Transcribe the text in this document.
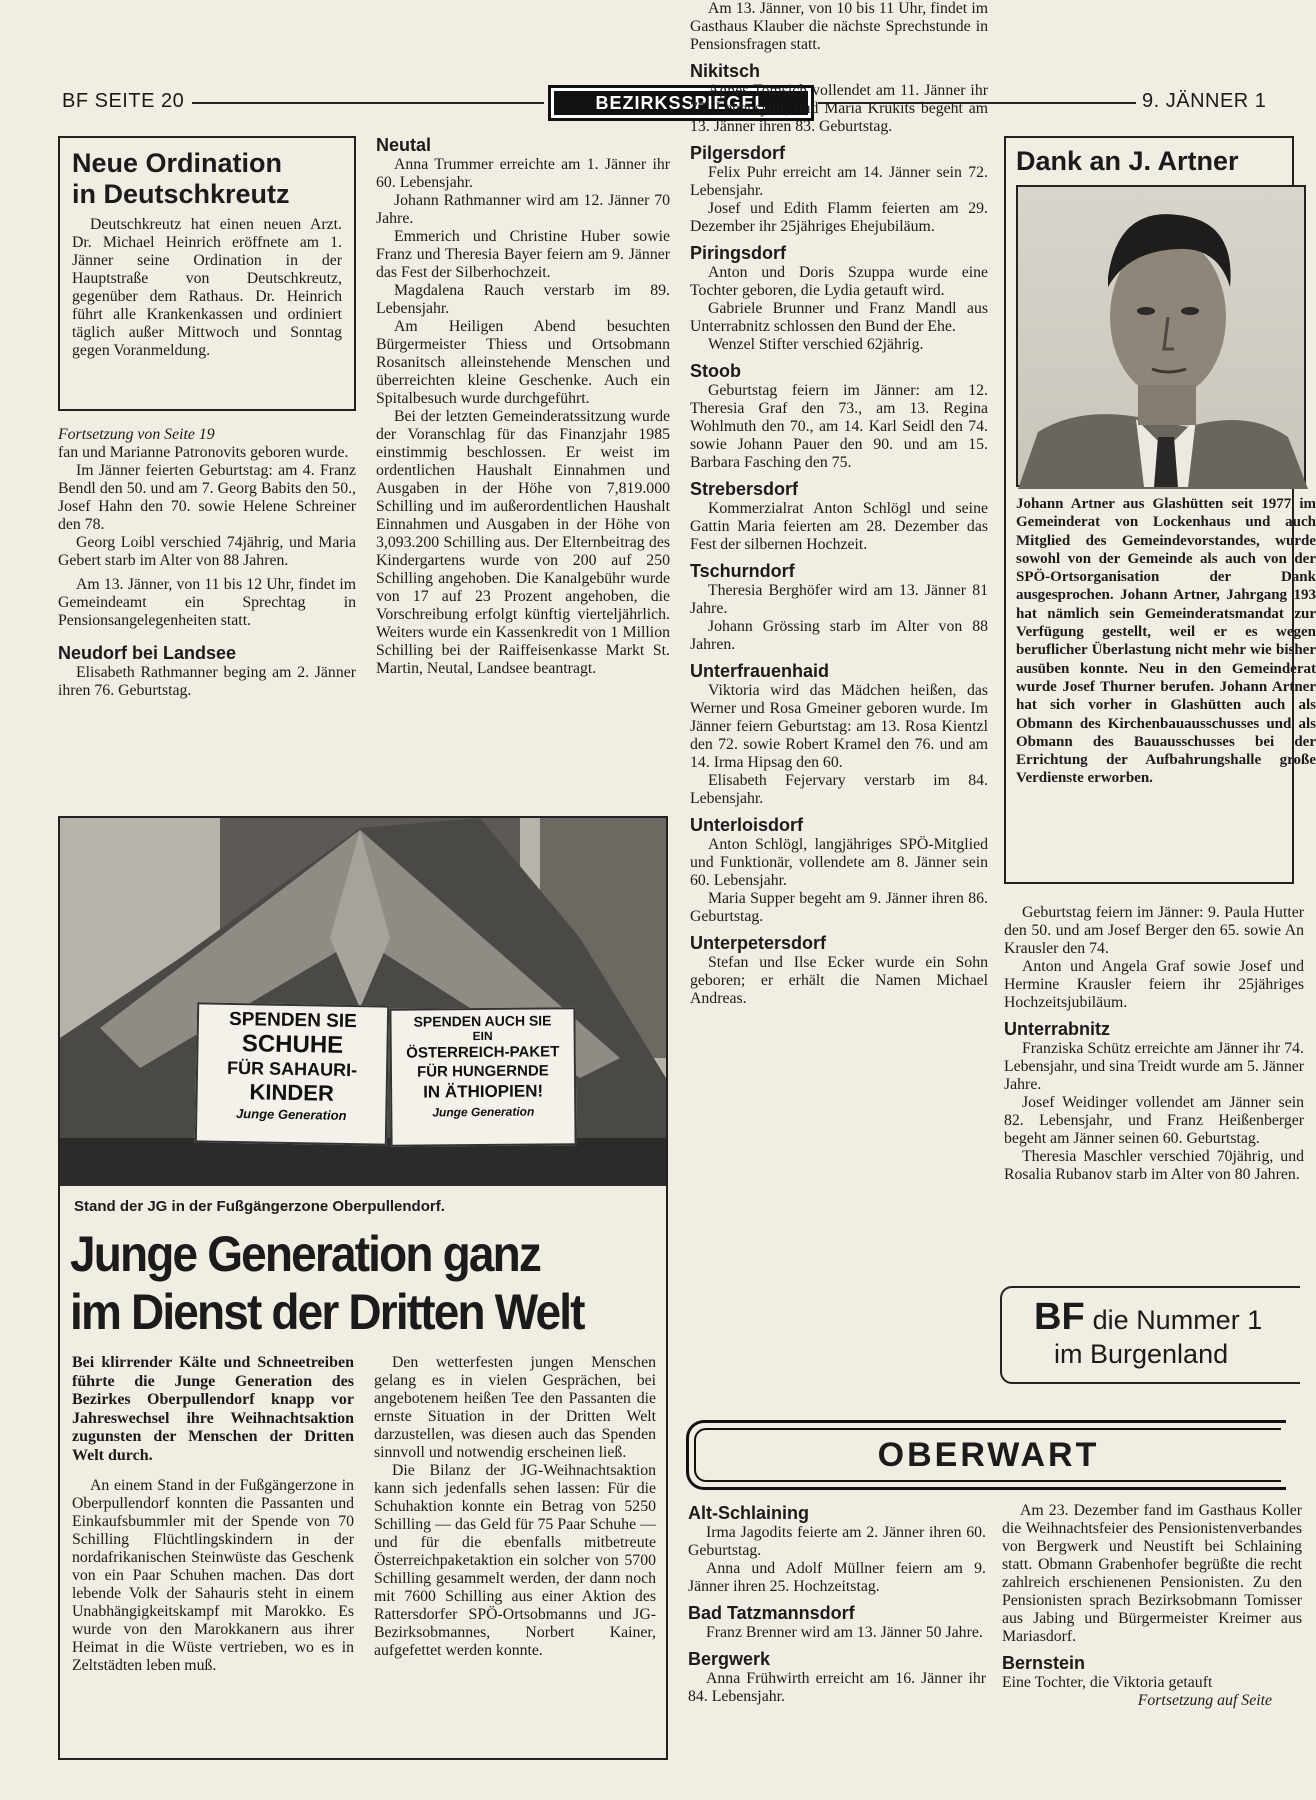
BF SEITE 20	BEZIRKSSPIEGEL	9. JÄNNER 1
Neue Ordination
in Deutschkreutz

Deutschkreutz hat einen neuen Arzt. Dr. Michael Heinrich eröffnete am 1. Jänner seine Ordination in der Hauptstraße von Deutschkreutz, gegenüber dem Rathaus. Dr. Heinrich führt alle Krankenkassen und ordiniert täglich außer Mittwoch und Sonntag gegen Voranmeldung.

Fortsetzung von Seite 19

fan und Marianne Patronovits geboren wurde.

Im Jänner feierten Geburtstag: am 4. Franz Bendl den 50. und am 7. Georg Babits den 50., Josef Hahn den 70. sowie Helene Schreiner den 78.

Georg Loibl verschied 74jährig, und Maria Gebert starb im Alter von 88 Jahren.

Am 13. Jänner, von 11 bis 12 Uhr, findet im Gemeindeamt ein Sprechtag in Pensionsangelegenheiten statt.

Neudorf bei Landsee

Elisabeth Rathmanner beging am 2. Jänner ihren 76. Geburtstag.

Neutal

Anna Trummer erreichte am 1. Jänner ihr 60. Lebensjahr.

Johann Rathmanner wird am 12. Jänner 70 Jahre.

Emmerich und Christine Huber sowie Franz und Theresia Bayer feiern am 9. Jänner das Fest der Silberhochzeit.

Magdalena Rauch verstarb im 89. Lebensjahr.

Am Heiligen Abend besuchten Bürgermeister Thiess und Ortsobmann Rosanitsch alleinstehende Menschen und überreichten kleine Geschenke. Auch ein Spitalbesuch wurde durchgeführt.

Bei der letzten Gemeinderatssitzung wurde der Voranschlag für das Finanzjahr 1985 einstimmig beschlossen. Er weist im ordentlichen Haushalt Einnahmen und Ausgaben in der Höhe von 7,819.000 Schilling und im außerordentlichen Haushalt Einnahmen und Ausgaben in der Höhe von 3,093.200 Schilling aus. Der Elternbeitrag des Kindergartens wurde von 200 auf 250 Schilling angehoben. Die Kanalgebühr wurde von 17 auf 23 Prozent angehoben, die Vorschreibung erfolgt künftig vierteljährlich. Weiters wurde ein Kassenkredit von 1 Million Schilling bei der Raiffeisenkasse Markt St. Martin, Neutal, Landsee beantragt.

Am 13. Jänner, von 10 bis 11 Uhr, findet im Gasthaus Klauber die nächste Sprechstunde in Pensionsfragen statt.

Nikitsch

Agnes Tomsich vollendet am 11. Jänner ihr 75. Lebensjahr, und Maria Krukits begeht am 13. Jänner ihren 83. Geburtstag.

Pilgersdorf

Felix Puhr erreicht am 14. Jänner sein 72. Lebensjahr.

Josef und Edith Flamm feierten am 29. Dezember ihr 25jähriges Ehejubiläum.

Piringsdorf

Anton und Doris Szuppa wurde eine Tochter geboren, die Lydia getauft wird.

Gabriele Brunner und Franz Mandl aus Unterrabnitz schlossen den Bund der Ehe.

Wenzel Stifter verschied 62jährig.

Stoob

Geburtstag feiern im Jänner: am 12. Theresia Graf den 73., am 13. Regina Wohlmuth den 70., am 14. Karl Seidl den 74. sowie Johann Pauer den 90. und am 15. Barbara Fasching den 75.

Strebersdorf

Kommerzialrat Anton Schlögl und seine Gattin Maria feierten am 28. Dezember das Fest der silbernen Hochzeit.

Tschurndorf

Theresia Berghöfer wird am 13. Jänner 81 Jahre.

Johann Grössing starb im Alter von 88 Jahren.

Unterfrauenhaid

Viktoria wird das Mädchen heißen, das Werner und Rosa Gmeiner geboren wurde. Im Jänner feiern Geburtstag: am 13. Rosa Kientzl den 72. sowie Robert Kramel den 76. und am 14. Irma Hipsag den 60.

Elisabeth Fejervary verstarb im 84. Lebensjahr.

Unterloisdorf

Anton Schlögl, langjähriges SPÖ-Mitglied und Funktionär, vollendete am 8. Jänner sein 60. Lebensjahr.

Maria Supper begeht am 9. Jänner ihren 86. Geburtstag.

Unterpetersdorf

Stefan und Ilse Ecker wurde ein Sohn geboren; er erhält die Namen Michael Andreas.

Dank an J. Artner
Johann Artner aus Glashütten seit 1977 im Gemeinderat von Lockenhaus und auch Mitglied des Gemeindevorstandes, wurde sowohl von der Gemeinde als auch von der SPÖ-Ortsorganisation der Dank ausgesprochen. Johann Artner, Jahrgang 193 hat nämlich sein Gemeinderatsmandat zur Verfügung gestellt, weil er es wegen beruflicher Überlastung nicht mehr wie bisher ausüben konnte. Neu in den Gemeinderat wurde Josef Thurner berufen. Johann Artner hat sich vorher in Glashütten auch als Obmann des Kirchenbauausschusses und als Obmann des Bauausschusses bei der Errichtung der Aufbahrungshalle große Verdienste erworben.

Geburtstag feiern im Jänner: 9. Paula Hutter den 50. und am Josef Berger den 65. sowie An Krausler den 74.

Anton und Angela Graf sowie Josef und Hermine Krausler feiern ihr 25jähriges Hochzeitsjubiläum.

Unterrabnitz

Franziska Schütz erreichte am Jänner ihr 74. Lebensjahr, und sina Treidt wurde am 5. Jänner Jahre.

Josef Weidinger vollendet am Jänner sein 82. Lebensjahr, und Franz Heißenberger begeht am Jänner seinen 60. Geburtstag.

Theresia Maschler verschied 70jährig, und Rosalia Rubanov starb im Alter von 80 Jahren.

BF die Nummer 1
im Burgenland
SPENDEN SIE
SCHUHE
FÜR SAHAURI-
KINDER
Junge Generation
SPENDEN AUCH SIE
EIN
ÖSTERREICH-PAKET
FÜR HUNGERNDE
IN ÄTHIOPIEN!
Junge Generation
Stand der JG in der Fußgängerzone Oberpullendorf.
Junge Generation ganz
im Dienst der Dritten Welt
Bei klirrender Kälte und Schneetreiben führte die Junge Generation des Bezirkes Oberpullendorf knapp vor Jahreswechsel ihre Weihnachtsaktion zugunsten der Menschen der Dritten Welt durch.

An einem Stand in der Fußgängerzone in Oberpullendorf konnten die Passanten und Einkaufsbummler mit der Spende von 70 Schilling Flüchtlingskindern in der nordafrikanischen Steinwüste das Geschenk von ein Paar Schuhen machen. Das dort lebende Volk der Sahauris steht in einem Unabhängigkeitskampf mit Marokko. Es wurde von den Marokkanern aus ihrer Heimat in die Wüste vertrieben, wo es in Zeltstädten leben muß.

Den wetterfesten jungen Menschen gelang es in vielen Gesprächen, bei angebotenem heißen Tee den Passanten die ernste Situation in der Dritten Welt darzustellen, was diesen auch das Spenden sinnvoll und notwendig erscheinen ließ.

Die Bilanz der JG-Weihnachtsaktion kann sich jedenfalls sehen lassen: Für die Schuhaktion konnte ein Betrag von 5250 Schilling — das Geld für 75 Paar Schuhe — und für die ebenfalls mitbetreute Österreichpaketaktion ein solcher von 5700 Schilling gesammelt werden, der dann noch mit 7600 Schilling aus einer Aktion des Rattersdorfer SPÖ-Ortsobmanns und JG-Bezirksobmannes, Norbert Kainer, aufgefettet werden konnte.

OBERWART
Alt-Schlaining

Irma Jagodits feierte am 2. Jänner ihren 60. Geburtstag.

Anna und Adolf Müllner feiern am 9. Jänner ihren 25. Hochzeitstag.

Bad Tatzmannsdorf

Franz Brenner wird am 13. Jänner 50 Jahre.

Bergwerk

Anna Frühwirth erreicht am 16. Jänner ihr 84. Lebensjahr.

Am 23. Dezember fand im Gasthaus Koller die Weihnachtsfeier des Pensionistenverbandes von Bergwerk und Neustift bei Schlaining statt. Obmann Grabenhofer begrüßte die recht zahlreich erschienenen Pensionisten. Zu den Pensionisten sprach Bezirksobmann Tomisser aus Jabing und Bürgermeister Kreimer aus Mariasdorf.

Bernstein

Eine Tochter, die Viktoria getauft

Fortsetzung auf Seite
